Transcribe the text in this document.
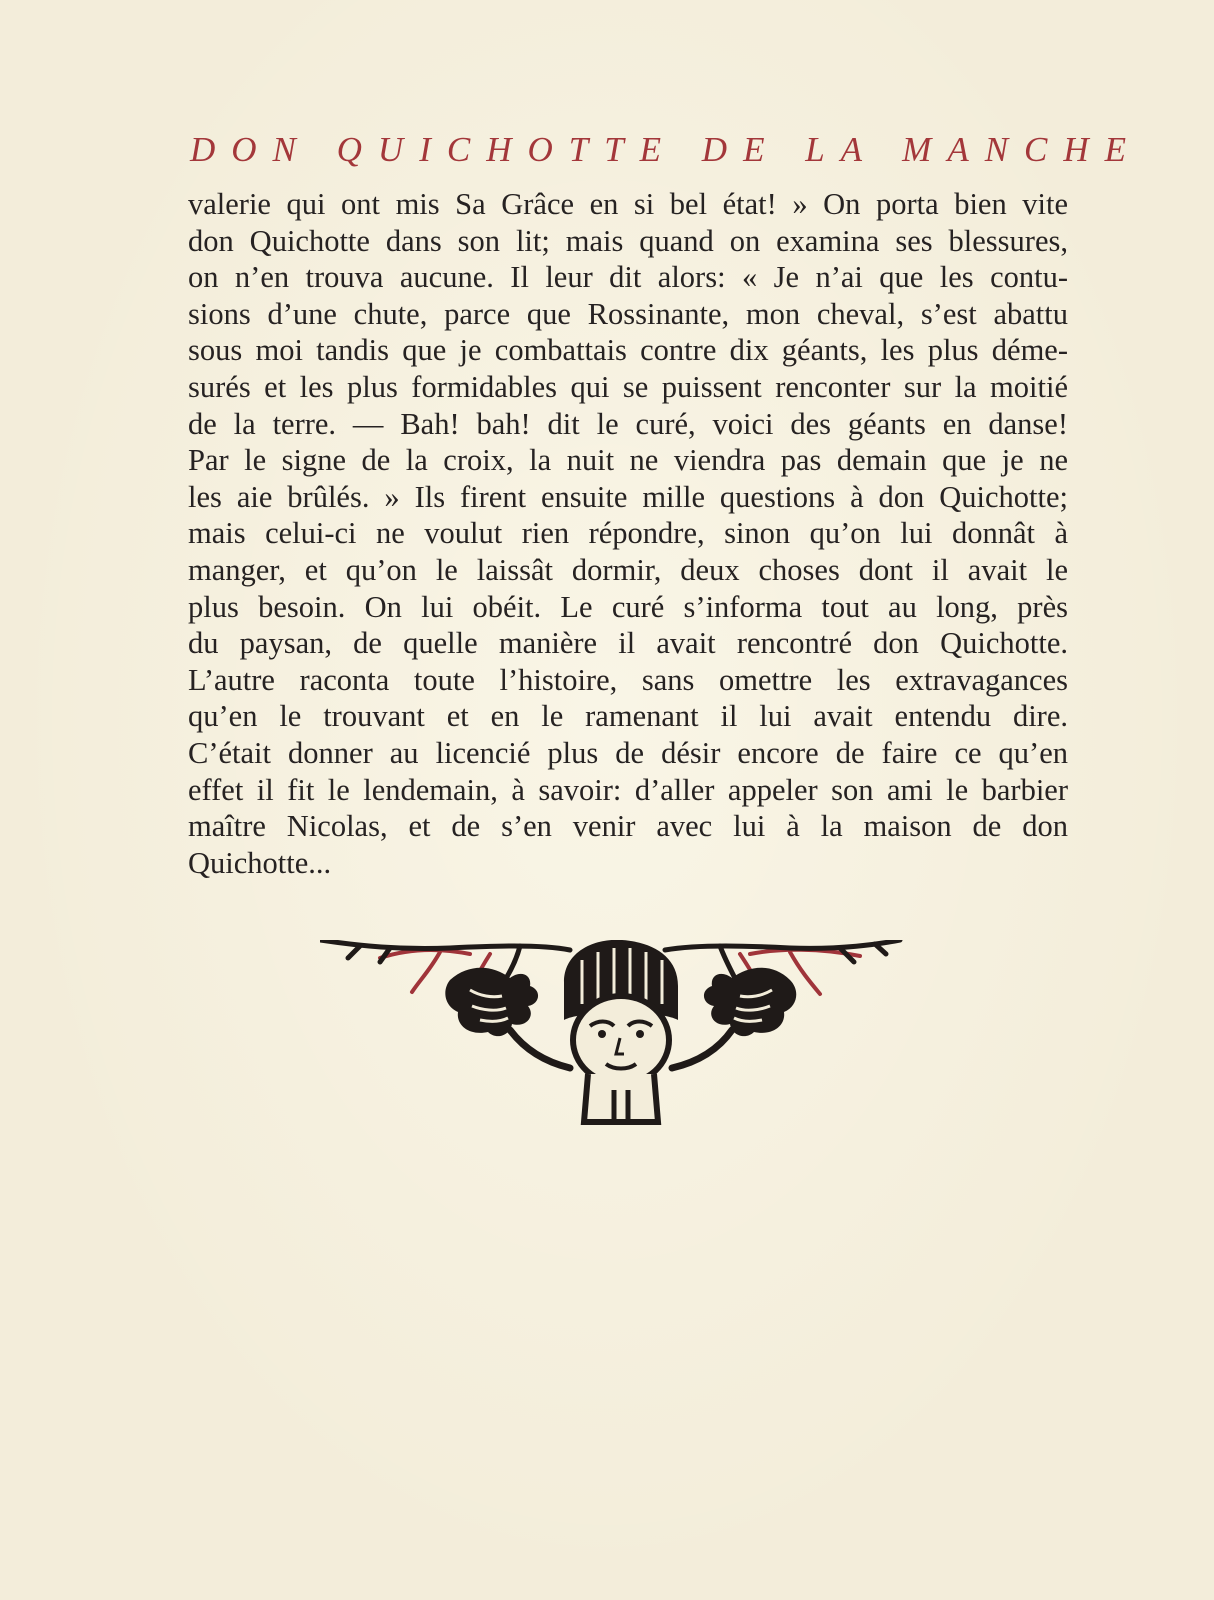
DON QUICHOTTE DE LA MANCHE
valerie qui ont mis Sa Grâce en si bel état! » On porta bien vite
don Quichotte dans son lit; mais quand on examina ses blessures,
on n’en trouva aucune. Il leur dit alors: « Je n’ai que les contu-
sions d’une chute, parce que Rossinante, mon cheval, s’est abattu
sous moi tandis que je combattais contre dix géants, les plus déme-
surés et les plus formidables qui se puissent renconter sur la moitié
de la terre. — Bah! bah! dit le curé, voici des géants en danse!
Par le signe de la croix, la nuit ne viendra pas demain que je ne
les aie brûlés. » Ils firent ensuite mille questions à don Quichotte;
mais celui-ci ne voulut rien répondre, sinon qu’on lui donnât à
manger, et qu’on le laissât dormir, deux choses dont il avait le
plus besoin. On lui obéit. Le curé s’informa tout au long, près
du paysan, de quelle manière il avait rencontré don Quichotte.
L’autre raconta toute l’histoire, sans omettre les extravagances
qu’en le trouvant et en le ramenant il lui avait entendu dire.
C’était donner au licencié plus de désir encore de faire ce qu’en
effet il fit le lendemain, à savoir: d’aller appeler son ami le barbier
maître Nicolas, et de s’en venir avec lui à la maison de don
Quichotte...
